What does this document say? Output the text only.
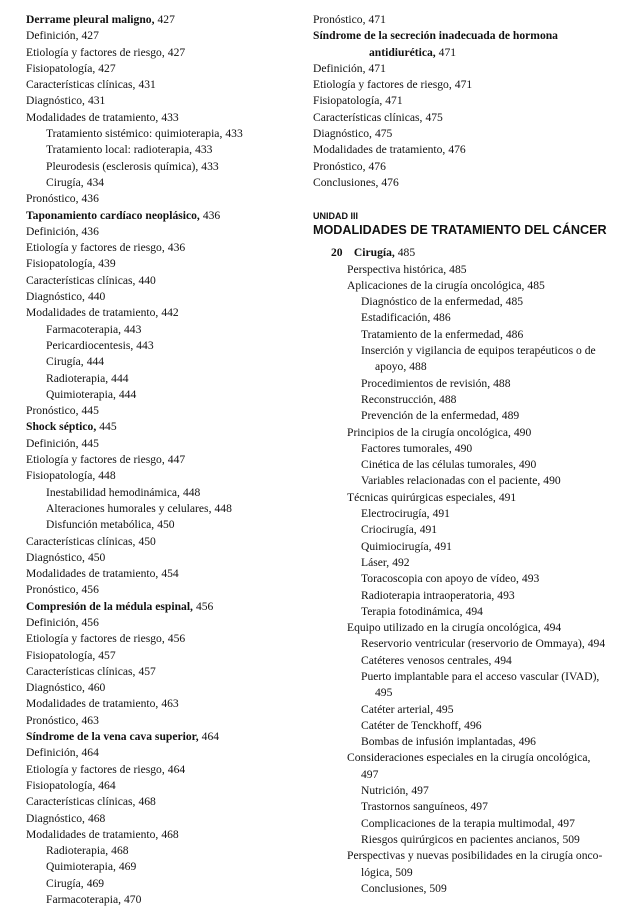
Derrame pleural maligno, 427
Definición, 427
Etiología y factores de riesgo, 427
Fisiopatología, 427
Características clínicas, 431
Diagnóstico, 431
Modalidades de tratamiento, 433
Tratamiento sistémico: quimioterapia, 433
Tratamiento local: radioterapia, 433
Pleurodesis (esclerosis química), 433
Cirugía, 434
Pronóstico, 436
Taponamiento cardíaco neoplásico, 436
Definición, 436
Etiología y factores de riesgo, 436
Fisiopatología, 439
Características clínicas, 440
Diagnóstico, 440
Modalidades de tratamiento, 442
Farmacoterapia, 443
Pericardiocentesis, 443
Cirugía, 444
Radioterapia, 444
Quimioterapia, 444
Pronóstico, 445
Shock séptico, 445
Definición, 445
Etiología y factores de riesgo, 447
Fisiopatología, 448
Inestabilidad hemodinámica, 448
Alteraciones humorales y celulares, 448
Disfunción metabólica, 450
Características clínicas, 450
Diagnóstico, 450
Modalidades de tratamiento, 454
Pronóstico, 456
Compresión de la médula espinal, 456
Definición, 456
Etiología y factores de riesgo, 456
Fisiopatología, 457
Características clínicas, 457
Diagnóstico, 460
Modalidades de tratamiento, 463
Pronóstico, 463
Síndrome de la vena cava superior, 464
Definición, 464
Etiología y factores de riesgo, 464
Fisiopatología, 464
Características clínicas, 468
Diagnóstico, 468
Modalidades de tratamiento, 468
Radioterapia, 468
Quimioterapia, 469
Cirugía, 469
Farmacoterapia, 470
Pronóstico, 471
Síndrome de la secreción inadecuada de hormona
antidiurética, 471
Definición, 471
Etiología y factores de riesgo, 471
Fisiopatología, 471
Características clínicas, 475
Diagnóstico, 475
Modalidades de tratamiento, 476
Pronóstico, 476
Conclusiones, 476
UNIDAD III
MODALIDADES DE TRATAMIENTO DEL CÁNCER
20 Cirugía, 485
Perspectiva histórica, 485
Aplicaciones de la cirugía oncológica, 485
Diagnóstico de la enfermedad, 485
Estadificación, 486
Tratamiento de la enfermedad, 486
Inserción y vigilancia de equipos terapéuticos o de
apoyo, 488
Procedimientos de revisión, 488
Reconstrucción, 488
Prevención de la enfermedad, 489
Principios de la cirugía oncológica, 490
Factores tumorales, 490
Cinética de las células tumorales, 490
Variables relacionadas con el paciente, 490
Técnicas quirúrgicas especiales, 491
Electrocirugía, 491
Criocirugía, 491
Quimiocirugía, 491
Láser, 492
Toracoscopia con apoyo de vídeo, 493
Radioterapia intraoperatoria, 493
Terapia fotodinámica, 494
Equipo utilizado en la cirugía oncológica, 494
Reservorio ventricular (reservorio de Ommaya), 494
Catéteres venosos centrales, 494
Puerto implantable para el acceso vascular (IVAD),
495
Catéter arterial, 495
Catéter de Tenckhoff, 496
Bombas de infusión implantadas, 496
Consideraciones especiales en la cirugía oncológica,
497
Nutrición, 497
Trastornos sanguíneos, 497
Complicaciones de la terapia multimodal, 497
Riesgos quirúrgicos en pacientes ancianos, 509
Perspectivas y nuevas posibilidades en la cirugía onco-
lógica, 509
Conclusiones, 509
